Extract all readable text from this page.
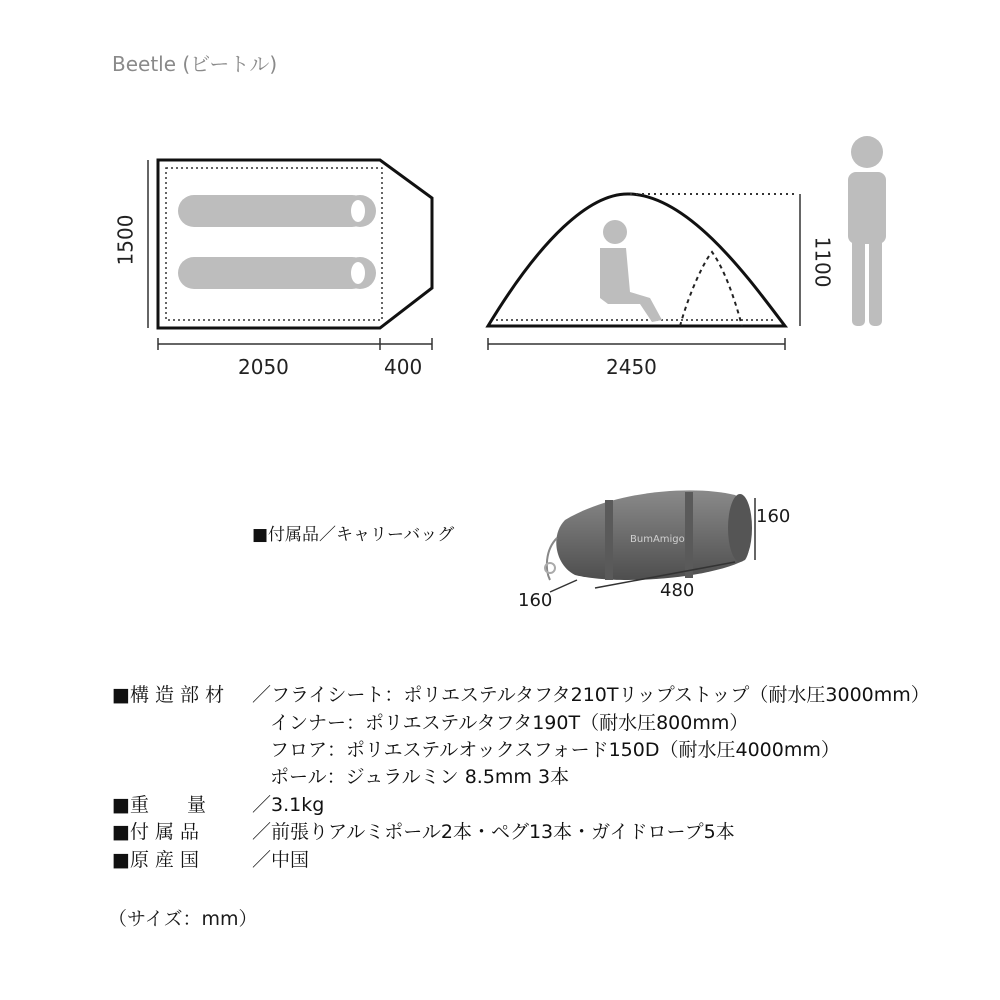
Beetle (ビートル)
1500
2050	400	2450
1100
■付属品／キャリーバッグ	BumAmigo
160
480
160
■構 造 部 材 ／フライシート：ポリエステルタフタ210Tリップストップ（耐水圧3000mm）
インナー：ポリエステルタフタ190T（耐水圧800mm）
フロア：ポリエステルオックスフォード150D（耐水圧4000mm）
ポール：ジュラルミン 8.5mm 3本
■重　　量 ／3.1kg
■付 属 品	／前張りアルミポール2本・ペグ13本・ガイドロープ5本
■原 産 国	／中国
（サイズ：mm）
